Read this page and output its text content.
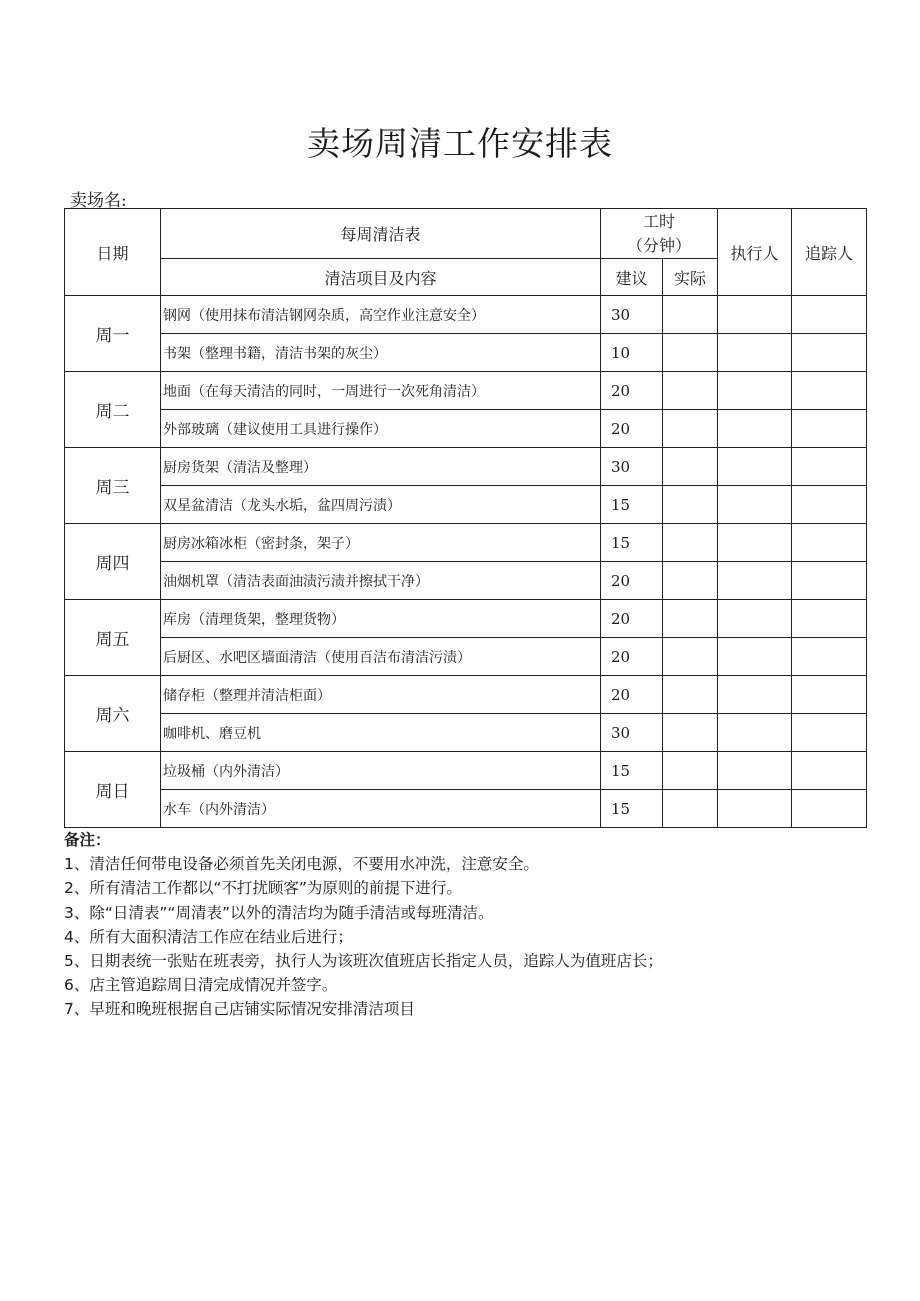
卖场周清工作安排表
卖场名:
日期	每周清洁表	工时
（分钟）		执行人	追踪人
	清洁项目及内容	建议	实际		
周一	钢网（使用抹布清洁钢网杂质，高空作业注意安全）	30			
	书架（整理书籍，清洁书架的灰尘）	10			
周二	地面（在每天清洁的同时，一周进行一次死角清洁）	20			
	外部玻璃（建议使用工具进行操作）	20			
周三	厨房货架（清洁及整理）	30			
	双星盆清洁（龙头水垢，盆四周污渍）	15			
周四	厨房冰箱冰柜（密封条，架子）	15			
	油烟机罩（清洁表面油渍污渍并擦拭干净）	20			
周五	库房（清理货架，整理货物）	20			
	后厨区、水吧区墙面清洁（使用百洁布清洁污渍）	20			
周六	储存柜（整理并清洁柜面）	20			
	咖啡机、磨豆机	30			
周日	垃圾桶（内外清洁）	15			
	水车（内外清洁）	15			
备注：
1、清洁任何带电设备必须首先关闭电源，不要用水冲洗，注意安全。
2、所有清洁工作都以“不打扰顾客”为原则的前提下进行。
3、除“日清表”“周清表”以外的清洁均为随手清洁或每班清洁。
4、所有大面积清洁工作应在结业后进行；
5、日期表统一张贴在班表旁，执行人为该班次值班店长指定人员，追踪人为值班店长；
6、店主管追踪周日清完成情况并签字。
7、早班和晚班根据自己店铺实际情况安排清洁项目
